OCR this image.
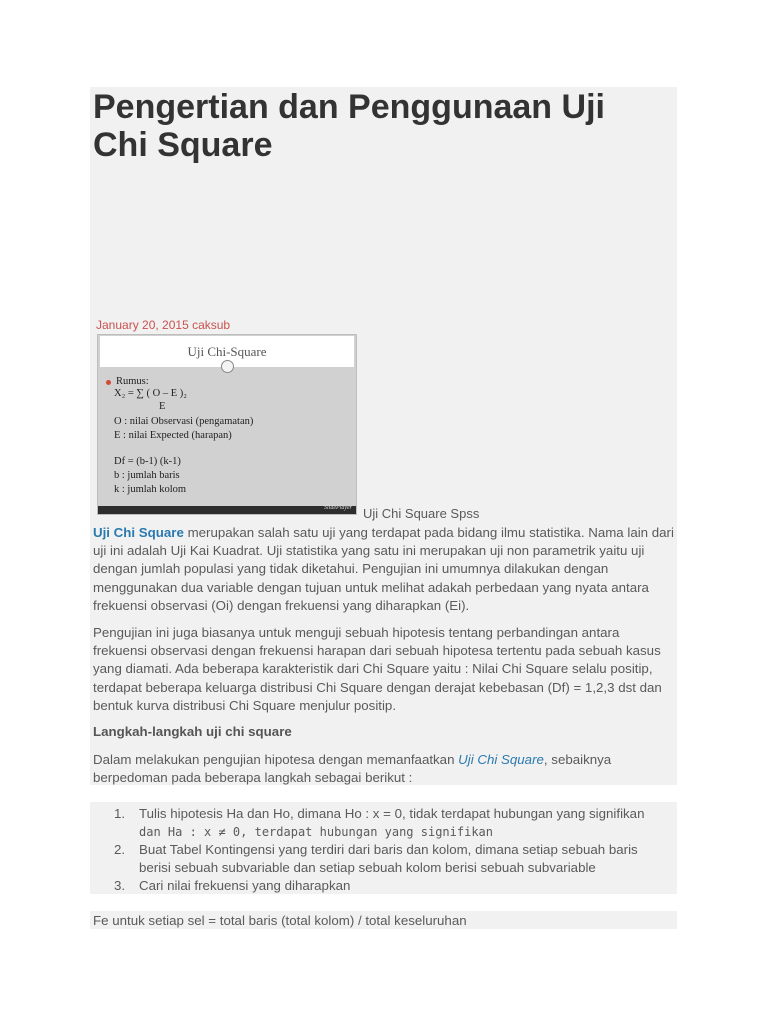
Pengertian dan Penggunaan Uji Chi Square
January 20, 2015 caksub
Uji Chi-Square
Rumus:
X₂ = ∑ ( O – E )₂
E
O : nilai Observasi (pengamatan)
E : nilai Expected (harapan)
Df = (b-1) (k-1)
b : jumlah baris
k : jumlah kolom
SlidePlayer Uji Chi Square Spss

Uji Chi Square merupakan salah satu uji yang terdapat pada bidang ilmu statistika. Nama lain dari uji ini adalah Uji Kai Kuadrat. Uji statistika yang satu ini merupakan uji non parametrik yaitu uji dengan jumlah populasi yang tidak diketahui. Pengujian ini umumnya dilakukan dengan menggunakan dua variable dengan tujuan untuk melihat adakah perbedaan yang nyata antara frekuensi observasi (Oi) dengan frekuensi yang diharapkan (Ei).

Pengujian ini juga biasanya untuk menguji sebuah hipotesis tentang perbandingan antara frekuensi observasi dengan frekuensi harapan dari sebuah hipotesa tertentu pada sebuah kasus yang diamati. Ada beberapa karakteristik dari Chi Square yaitu : Nilai Chi Square selalu positip, terdapat beberapa keluarga distribusi Chi Square dengan derajat kebebasan (Df) = 1,2,3 dst dan bentuk kurva distribusi Chi Square menjulur positip.

Langkah-langkah uji chi square

Dalam melakukan pengujian hipotesa dengan memanfaatkan Uji Chi Square, sebaiknya berpedoman pada beberapa langkah sebagai berikut :

1. Tulis hipotesis Ha dan Ho, dimana Ho : x = 0, tidak terdapat hubungan yang signifikan
dan Ha : x ≠ 0, terdapat hubungan yang signifikan
2. Buat Tabel Kontingensi yang terdiri dari baris dan kolom, dimana setiap sebuah baris berisi sebuah subvariable dan setiap sebuah kolom berisi sebuah subvariable
3. Cari nilai frekuensi yang diharapkan
Fe untuk setiap sel = total baris (total kolom) / total keseluruhan
